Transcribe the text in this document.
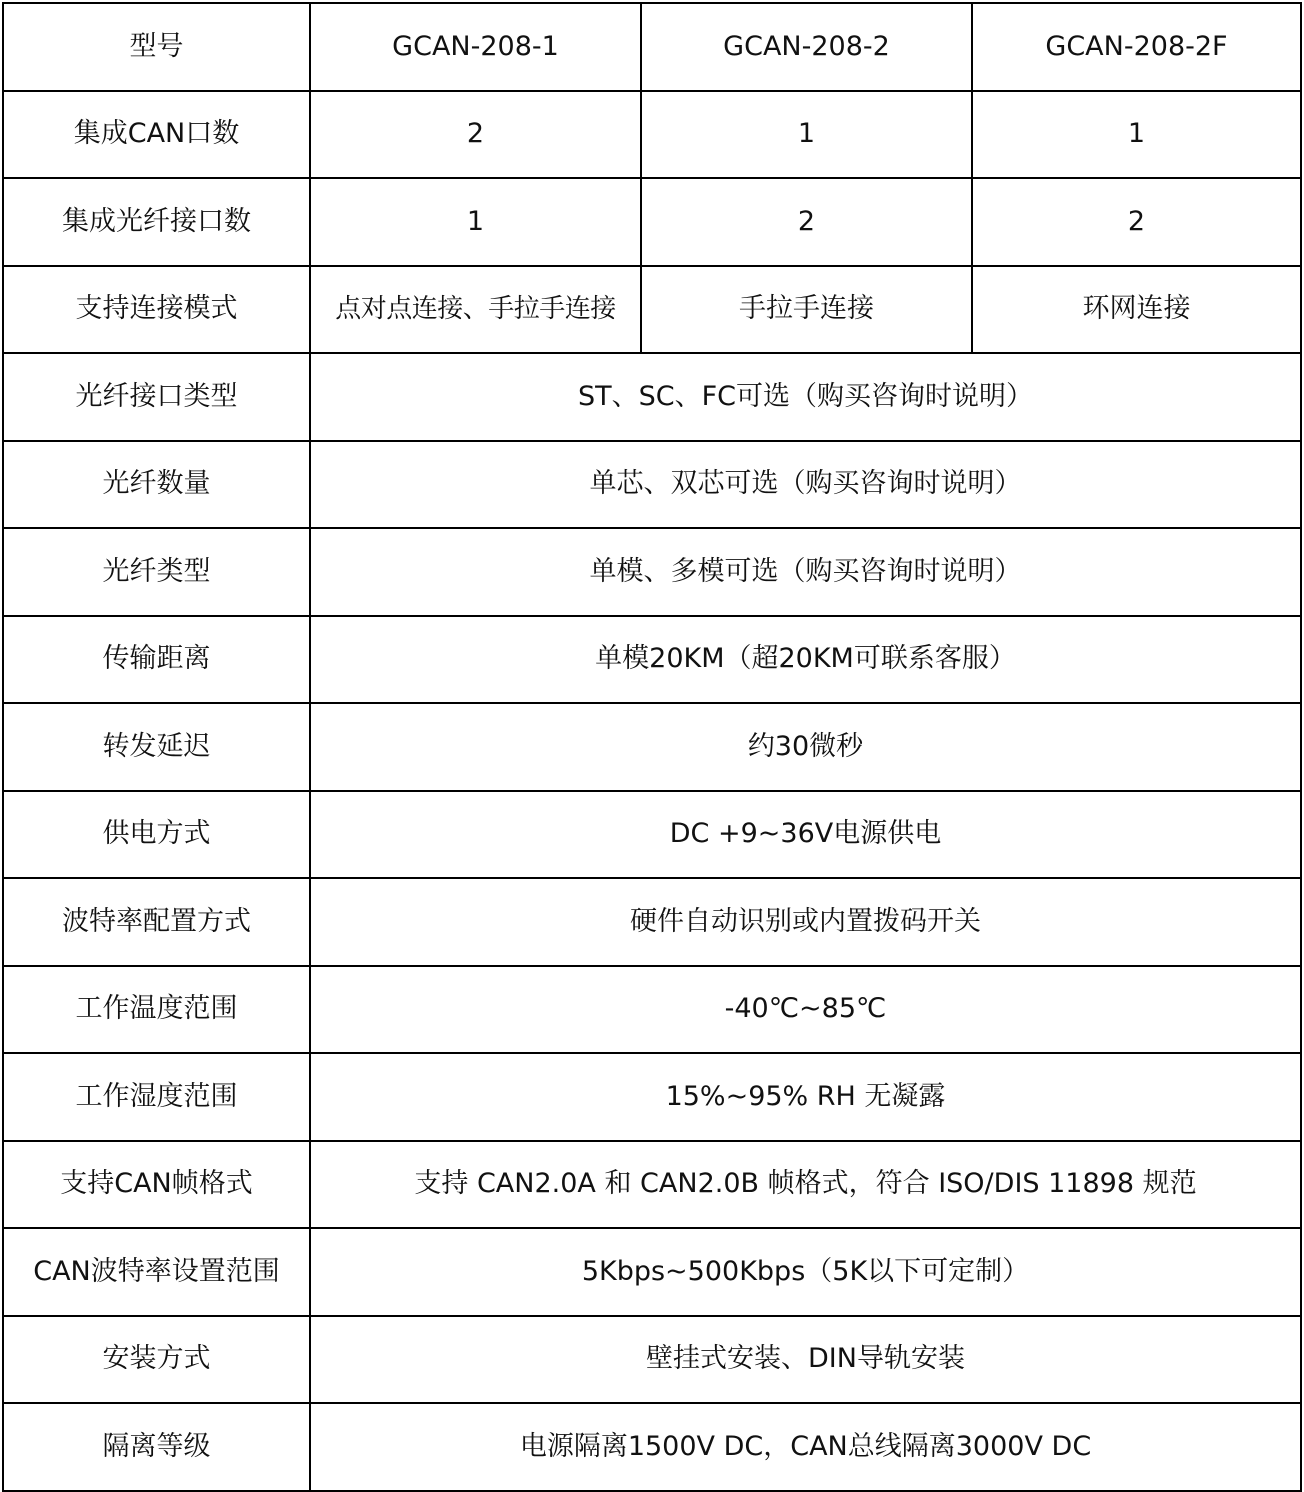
型号	GCAN-208-1	GCAN-208-2	GCAN-208-2F
集成CAN口数	2	1	1
集成光纤接口数	1	2	2
支持连接模式	点对点连接、手拉手连接	手拉手连接	环网连接
光纤接口类型	ST、SC、FC可选（购买咨询时说明）		
光纤数量	单芯、双芯可选（购买咨询时说明）		
光纤类型	单模、多模可选（购买咨询时说明）		
传输距离	单模20KM（超20KM可联系客服）		
转发延迟	约30微秒		
供电方式	DC +9~36V电源供电		
波特率配置方式	硬件自动识别或内置拨码开关		
工作温度范围	-40℃~85℃		
工作湿度范围	15%~95% RH 无凝露		
支持CAN帧格式	支持 CAN2.0A 和 CAN2.0B 帧格式，符合 ISO/DIS 11898 规范		
CAN波特率设置范围	5Kbps~500Kbps（5K以下可定制）		
安装方式	壁挂式安装、DIN导轨安装		
隔离等级	电源隔离1500V DC，CAN总线隔离3000V DC		
